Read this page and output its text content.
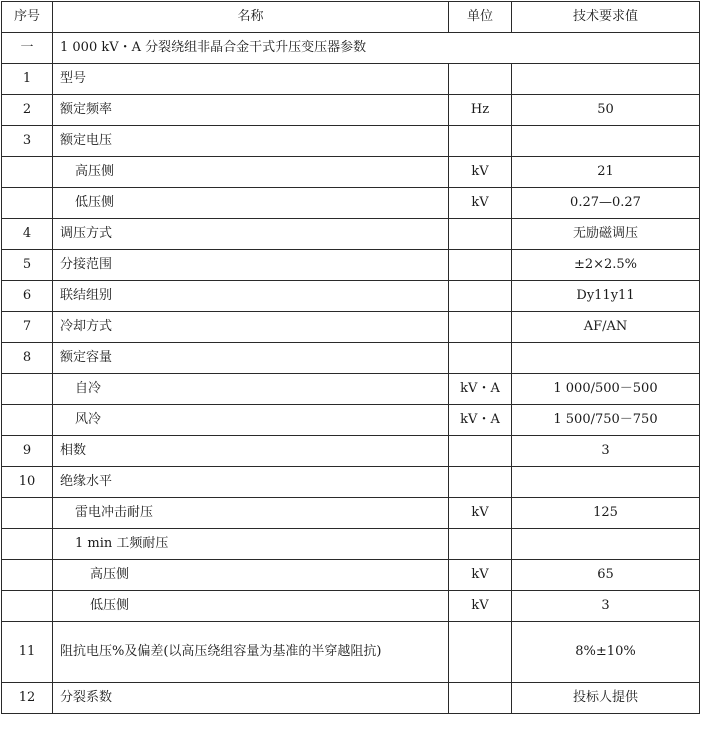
序号	名称	单位	技术要求值
一	1 000 kV・A 分裂绕组非晶合金干式升压变压器参数		
1	型号		
2	额定频率	Hz	50
3	额定电压		
	高压侧	kV	21
	低压侧	kV	0.27—0.27
4	调压方式		无励磁调压
5	分接范围		±2×2.5%
6	联结组别		Dy11y11
7	冷却方式		AF/AN
8	额定容量		
	自冷	kV・A	1 000/500－500
	风冷	kV・A	1 500/750－750
9	相数		3
10	绝缘水平		
	雷电冲击耐压	kV	125
	1 min 工频耐压		
	高压侧	kV	65
	低压侧	kV	3
11	阻抗电压%及偏差(以高压绕组容量为基准的半穿越阻抗)		8%±10%
12	分裂系数		投标人提供
